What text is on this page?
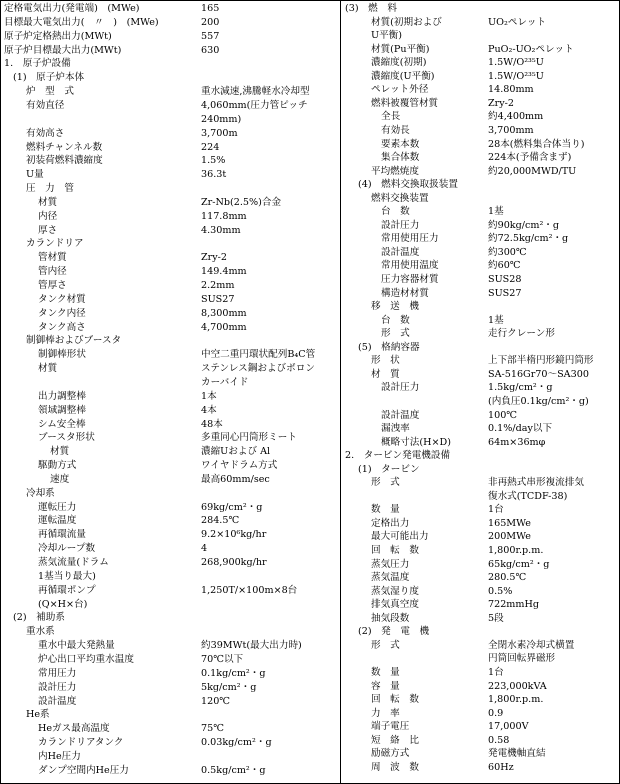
定格電気出力(発電端)　(MWe)	165
目標最大電気出力(　〃　)　(MWe)	200
原子炉定格熱出力(MWt)	557
原子炉目標最大出力(MWt)	630
1.　原子炉設備
(1)　原子炉本体
炉　型　式	重水減速,沸騰軽水冷却型
有効直径	4,060mm(圧力管ピッチ
240mm)
有効高さ	3,700m
燃料チャンネル数	224
初装荷燃料濃縮度	1.5%
U量	36.3t
圧　力　管
材質	Zr-Nb(2.5%)合金
内径	117.8mm
厚さ	4.30mm
カランドリア
管材質	Zry-2
管内径	149.4mm
管厚さ	2.2mm
タンク材質	SUS27
タンク内径	8,300mm
タンク高さ	4,700mm
制御棒およびブースタ
制御棒形状	中空二重円環状配列B₄C管
材質	ステンレス鋼およびボロン
カーバイド
出力調整棒	1本
領域調整棒	4本
シム安全棒	48本
ブースタ形状	多重同心円筒形ミート
材質	濃縮Uおよび Al
駆動方式	ワイヤドラム方式
速度	最高60mm/sec
冷却系
運転圧力	69kg/cm²・g
運転温度	284.5℃
再循環流量	9.2×10⁶kg/hr
冷却ループ数	4
蒸気流量(ドラム	268,900kg/hr
1基当り最大)
再循環ポンプ	1,250T/×100m×8台
(Q×H×台)
(2)　補助系
重水系
重水中最大発熱量	約39MWt(最大出力時)
炉心出口平均重水温度	70℃以下
常用圧力	0.1kg/cm²・g
設計圧力	5kg/cm²・g
設計温度	120℃
He系
Heガス最高温度	75℃
カランドリアタンク	0.03kg/cm²・g
内He圧力
ダンプ空間内He圧力	0.5kg/cm²・g
(3)　燃　料
材質(初期および	UO₂ペレット
U平衡)
材質(Pu平衡)	PuO₂-UO₂ペレット
濃縮度(初期)	1.5W/O²³⁵U
濃縮度(U平衡)	1.5W/O²³⁵U
ペレット外径	14.80mm
燃料被覆管材質	Zry-2
全長	約4,400mm
有効長	3,700mm
要素本数	28本(燃料集合体当り)
集合体数	224本(予備含まず)
平均燃焼度	約20,000MWD/TU
(4)　燃料交換取扱装置
燃料交換装置
台　数	1基
設計圧力	約90kg/cm²・g
常用使用圧力	約72.5kg/cm²・g
設計温度	約300℃
常用使用温度	約60℃
圧力容器材質	SUS28
構造材材質	SUS27
移　送　機
台　数	1基
形　式	走行クレーン形
(5)　格納容器
形　状	上下部半楕円形鏡円筒形
材　質	SA-516Gr70～SA300
設計圧力	1.5kg/cm²・g
(内負圧0.1kg/cm²・g)
設計温度	100℃
漏洩率	0.1%/day以下
概略寸法(H×D)	64m×36mφ
2.　タービン発電機設備
(1)　タービン
形　式	非再熱式串形複流排気
復水式(TCDF-38)
数　量	1台
定格出力	165MWe
最大可能出力	200MWe
回　転　数	1,800r.p.m.
蒸気圧力	65kg/cm²・g
蒸気温度	280.5℃
蒸気湿り度	0.5%
排気真空度	722mmHg
抽気段数	5段
(2)　発　電　機
形　式	全閉水素冷却式横置
円筒回転界磁形
数　量	1台
容　量	223,000kVA
回　転　数	1,800r.p.m.
力　率	0.9
端子電圧	17,000V
短　絡　比	0.58
励磁方式	発電機軸直結
周　波　数	60Hz
